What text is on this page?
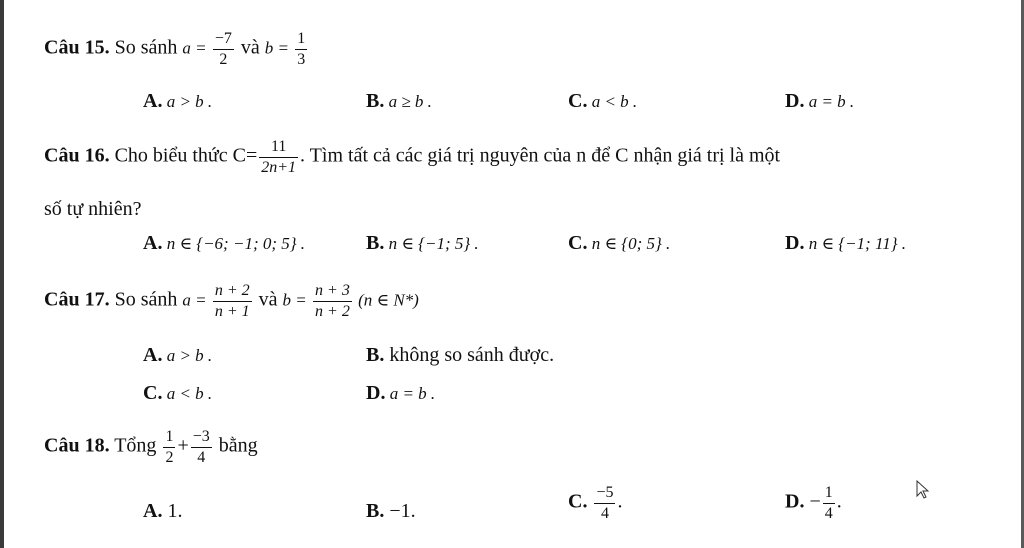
Câu 15. So sánh $a = \frac{-7}{2}$ và $b = \frac{1}{3}$
A. a > b .	B. a ≥ b .	C. a < b .	D. a = b .
Câu 16. Cho biểu thức $C= \frac{11}{2n+1}$ . Tìm tất cả các giá trị nguyên của n để C nhận giá trị là một
số tự nhiên?
A. n ∈ {−6; −1; 0; 5} .	B. n ∈ {−1; 5} .	C. n ∈ {0; 5} .	D. n ∈ {−1; 11} .
Câu 17. So sánh $a = \frac{n + 2}{n + 1}$ và $b = \frac{n + 3}{n + 2} (n$ ∈ N*)
A. a > b .	B. không so sánh được.
C. a < b .	D. a = b .
Câu 18. Tổng $\frac{1}{2} + \frac{-3}{4}$ bằng
A. 1.	B. −1.	C. $\frac{-5}{4}$ .	D. − $\frac{1}{4}$ .
